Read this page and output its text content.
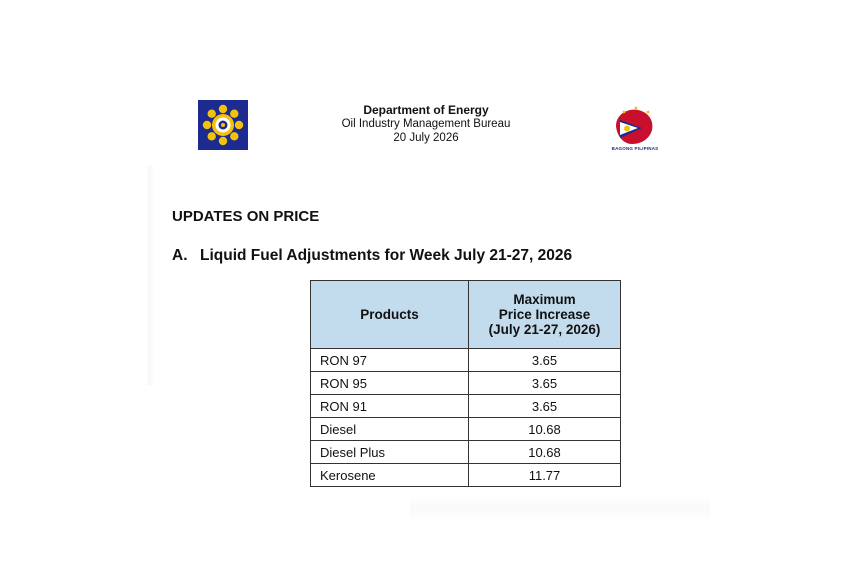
Department of Energy
Oil Industry Management Bureau
20 July 2026
BAGONG PILIPINAS
UPDATES ON PRICE
A. Liquid Fuel Adjustments for Week July 21-27, 2026
Products	Maximum
Price Increase
(July 21-27, 2026)

RON 97	3.65
RON 95	3.65
RON 91	3.65
Diesel	10.68
Diesel Plus	10.68
Kerosene	11.77
